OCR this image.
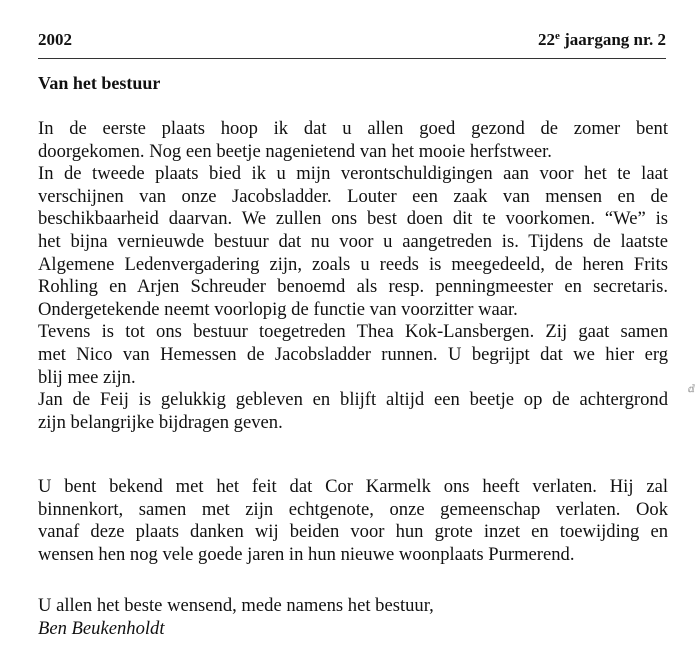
2002	22e jaargang nr. 2
Van het bestuur
In de eerste plaats hoop ik dat u allen goed gezond de zomer bent
doorgekomen. Nog een beetje nagenietend van het mooie herfstweer.
In de tweede plaats bied ik u mijn verontschuldigingen aan voor het te laat
verschijnen van onze Jacobsladder. Louter een zaak van mensen en de
beschikbaarheid daarvan. We zullen ons best doen dit te voorkomen. “We” is
het bijna vernieuwde bestuur dat nu voor u aangetreden is. Tijdens de laatste
Algemene Ledenvergadering zijn, zoals u reeds is meegedeeld, de heren Frits
Rohling en Arjen Schreuder benoemd als resp. penningmeester en secretaris.
Ondergetekende neemt voorlopig de functie van voorzitter waar.
Tevens is tot ons bestuur toegetreden Thea Kok-Lansbergen. Zij gaat samen
met Nico van Hemessen de Jacobsladder runnen. U begrijpt dat we hier erg
blij mee zijn.
Jan de Feij is gelukkig gebleven en blijft altijd een beetje op de achtergrond
zijn belangrijke bijdragen geven.
U bent bekend met het feit dat Cor Karmelk ons heeft verlaten. Hij zal
binnenkort, samen met zijn echtgenote, onze gemeenschap verlaten. Ook
vanaf deze plaats danken wij beiden voor hun grote inzet en toewijding en
wensen hen nog vele goede jaren in hun nieuwe woonplaats Purmerend.
U allen het beste wensend, mede namens het bestuur,
Ben Beukenholdt
ⅆ
